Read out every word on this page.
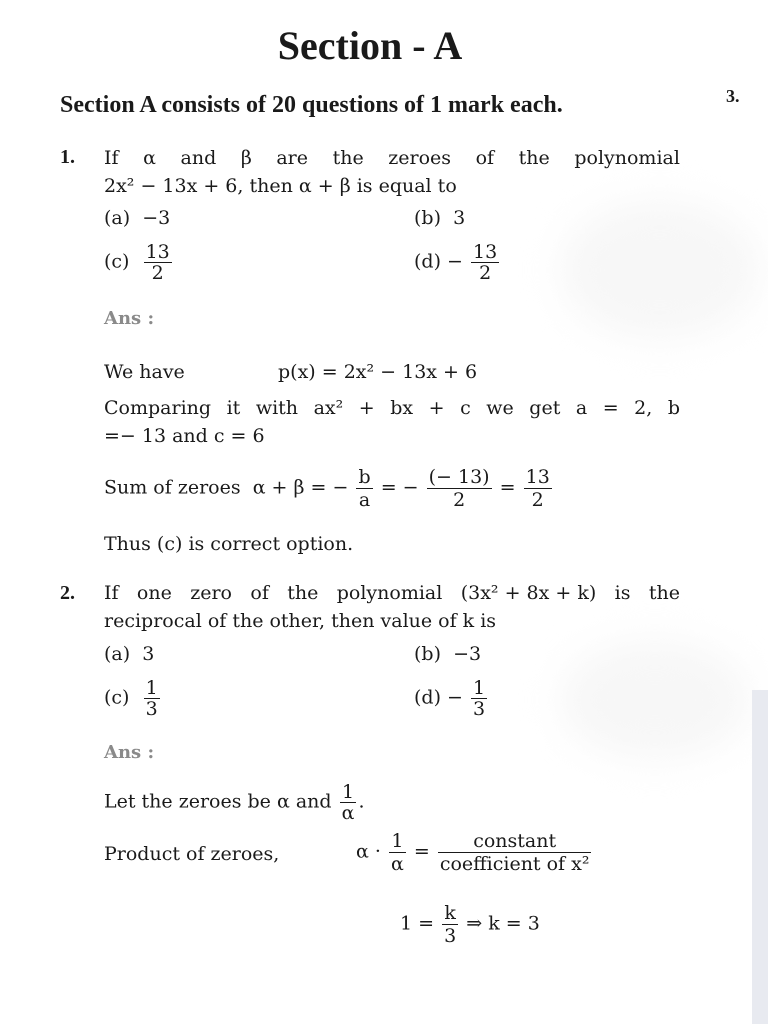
Section - A
Section A consists of 20 questions of 1 mark each.	3.
1. If α and β are the zeroes of the polynomial
2x² − 13x + 6, then α + β is equal to
(a) −3	(b) 3
$(c) \frac{13}{2}$	$(d) - \frac{13}{2}$
Ans :
We have	p(x) = 2x² − 13x + 6
Comparing it with ax² + bx + c we get a = 2, b
=− 13 and c = 6
Sum of zeroes α + β = − $\frac{b}{a}$ = − $\frac{(- 13)}{2} = \frac{13}{2}$
Thus (c) is correct option.
2. If one zero of the polynomial (3x² + 8x + k) is the
reciprocal of the other, then value of k is
(a) 3	(b) −3
$(c) \frac{1}{3}$	$(d) - \frac{1}{3}$
Ans :
Let the zeroes be α and $\frac{1}{\alpha}$ .
Product of zeroes,	$\alpha \cdot \frac{1}{\alpha} = \frac{\text{constant}}{\text{coefficient of x²}}$
$1 = \frac{k}{3}$ ⇒ k = 3
